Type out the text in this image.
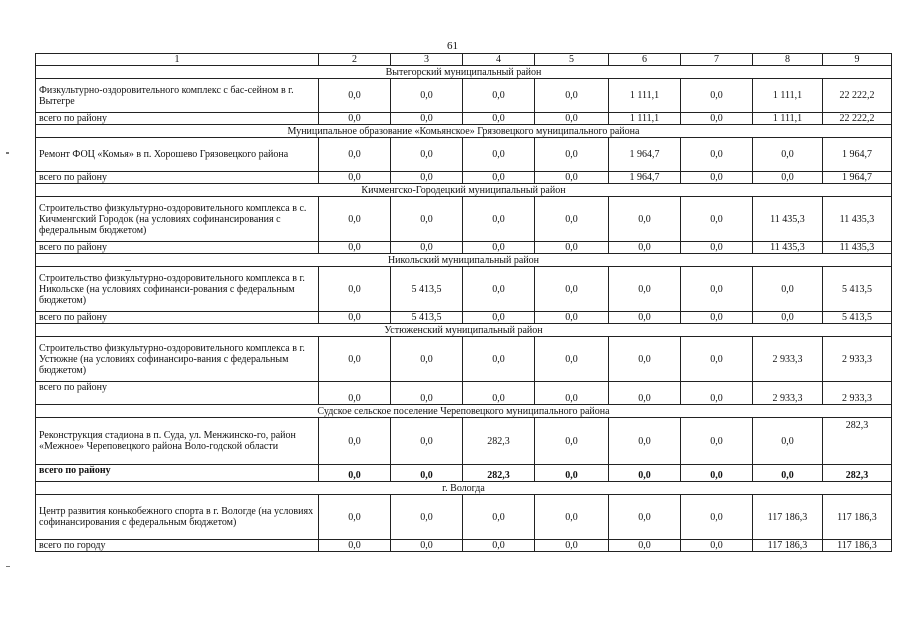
61
1	2	3	4	5	6	7	8	9
Вытегорский муниципальный район								
Физкультурно-оздоровительного комплекс с бас-сейном в г. Вытегре	0,0	0,0	0,0	0,0	1 111,1	0,0	1 111,1	22 222,2
всего по району	0,0	0,0	0,0	0,0	1 111,1	0,0	1 111,1	22 222,2
Муниципальное образование «Комьянское» Грязовецкого муниципального района								
Ремонт ФОЦ «Комья» в п. Хорошево Грязовецкого района	0,0	0,0	0,0	0,0	1 964,7	0,0	0,0	1 964,7
всего по району	0,0	0,0	0,0	0,0	1 964,7	0,0	0,0	1 964,7
Кичменгско-Городецкий муниципальный район								
Строительство физкультурно-оздоровительного комплекса в с. Кичменгский Городок (на условиях софинансирования с федеральным бюджетом)	0,0	0,0	0,0	0,0	0,0	0,0	11 435,3	11 435,3
всего по району	0,0	0,0	0,0	0,0	0,0	0,0	11 435,3	11 435,3
Никольский муниципальный район								
Строительство физкультурно-оздоровительного комплекса в г. Никольске (на условиях софинанси-рования с федеральным бюджетом)	0,0	5 413,5	0,0	0,0	0,0	0,0	0,0	5 413,5
всего по району	0,0	5 413,5	0,0	0,0	0,0	0,0	0,0	5 413,5
Устюженский муниципальный район								
Строительство физкультурно-оздоровительного комплекса в г. Устюжне (на условиях софинансиро-вания с федеральным бюджетом)	0,0	0,0	0,0	0,0	0,0	0,0	2 933,3	2 933,3
всего по району	0,0	0,0	0,0	0,0	0,0	0,0	2 933,3	2 933,3
Судское сельское поселение Череповецкого муниципального района								
Реконструкция стадиона в п. Суда, ул. Менжинско-го, район «Межное» Череповецкого района Воло-годской области	0,0	0,0	282,3	0,0	0,0	0,0	0,0	282,3
всего по району	0,0	0,0	282,3	0,0	0,0	0,0	0,0	282,3
г. Вологда								
Центр развития конькобежного спорта в г. Вологде (на условиях софинансирования с федеральным бюджетом)	0,0	0,0	0,0	0,0	0,0	0,0	117 186,3	117 186,3
всего по городу	0,0	0,0	0,0	0,0	0,0	0,0	117 186,3	117 186,3
